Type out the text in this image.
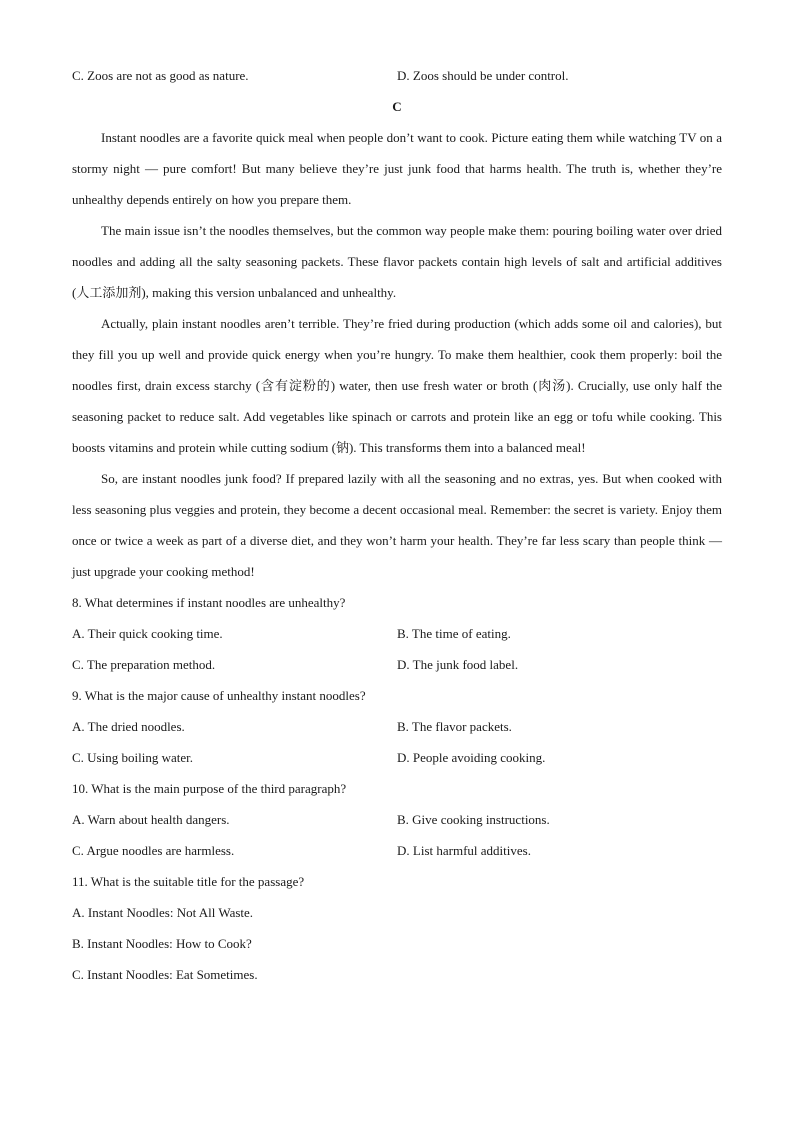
C. Zoos are not as good as nature.	D. Zoos should be under control.
C

Instant noodles are a favorite quick meal when people don’t want to cook. Picture eating them while watching TV on a stormy night — pure comfort! But many believe they’re just junk food that harms health. The truth is, whether they’re unhealthy depends entirely on how you prepare them.

The main issue isn’t the noodles themselves, but the common way people make them: pouring boiling water over dried noodles and adding all the salty seasoning packets. These flavor packets contain high levels of salt and artificial additives (人工添加剂), making this version unbalanced and unhealthy.

Actually, plain instant noodles aren’t terrible. They’re fried during production (which adds some oil and calories), but they fill you up well and provide quick energy when you’re hungry. To make them healthier, cook them properly: boil the noodles first, drain excess starchy (含有淀粉的) water, then use fresh water or broth (肉汤). Crucially, use only half the seasoning packet to reduce salt. Add vegetables like spinach or carrots and protein like an egg or tofu while cooking. This boosts vitamins and protein while cutting sodium (钠). This transforms them into a balanced meal!

So, are instant noodles junk food? If prepared lazily with all the seasoning and no extras, yes. But when cooked with less seasoning plus veggies and protein, they become a decent occasional meal. Remember: the secret is variety. Enjoy them once or twice a week as part of a diverse diet, and they won’t harm your health. They’re far less scary than people think — just upgrade your cooking method!

8. What determines if instant noodles are unhealthy?
A. Their quick cooking time.	B. The time of eating.
C. The preparation method.	D. The junk food label.
9. What is the major cause of unhealthy instant noodles?
A. The dried noodles.	B. The flavor packets.
C. Using boiling water.	D. People avoiding cooking.
10. What is the main purpose of the third paragraph?
A. Warn about health dangers.	B. Give cooking instructions.
C. Argue noodles are harmless.	D. List harmful additives.
11. What is the suitable title for the passage?
A. Instant Noodles: Not All Waste.
B. Instant Noodles: How to Cook?
C. Instant Noodles: Eat Sometimes.
